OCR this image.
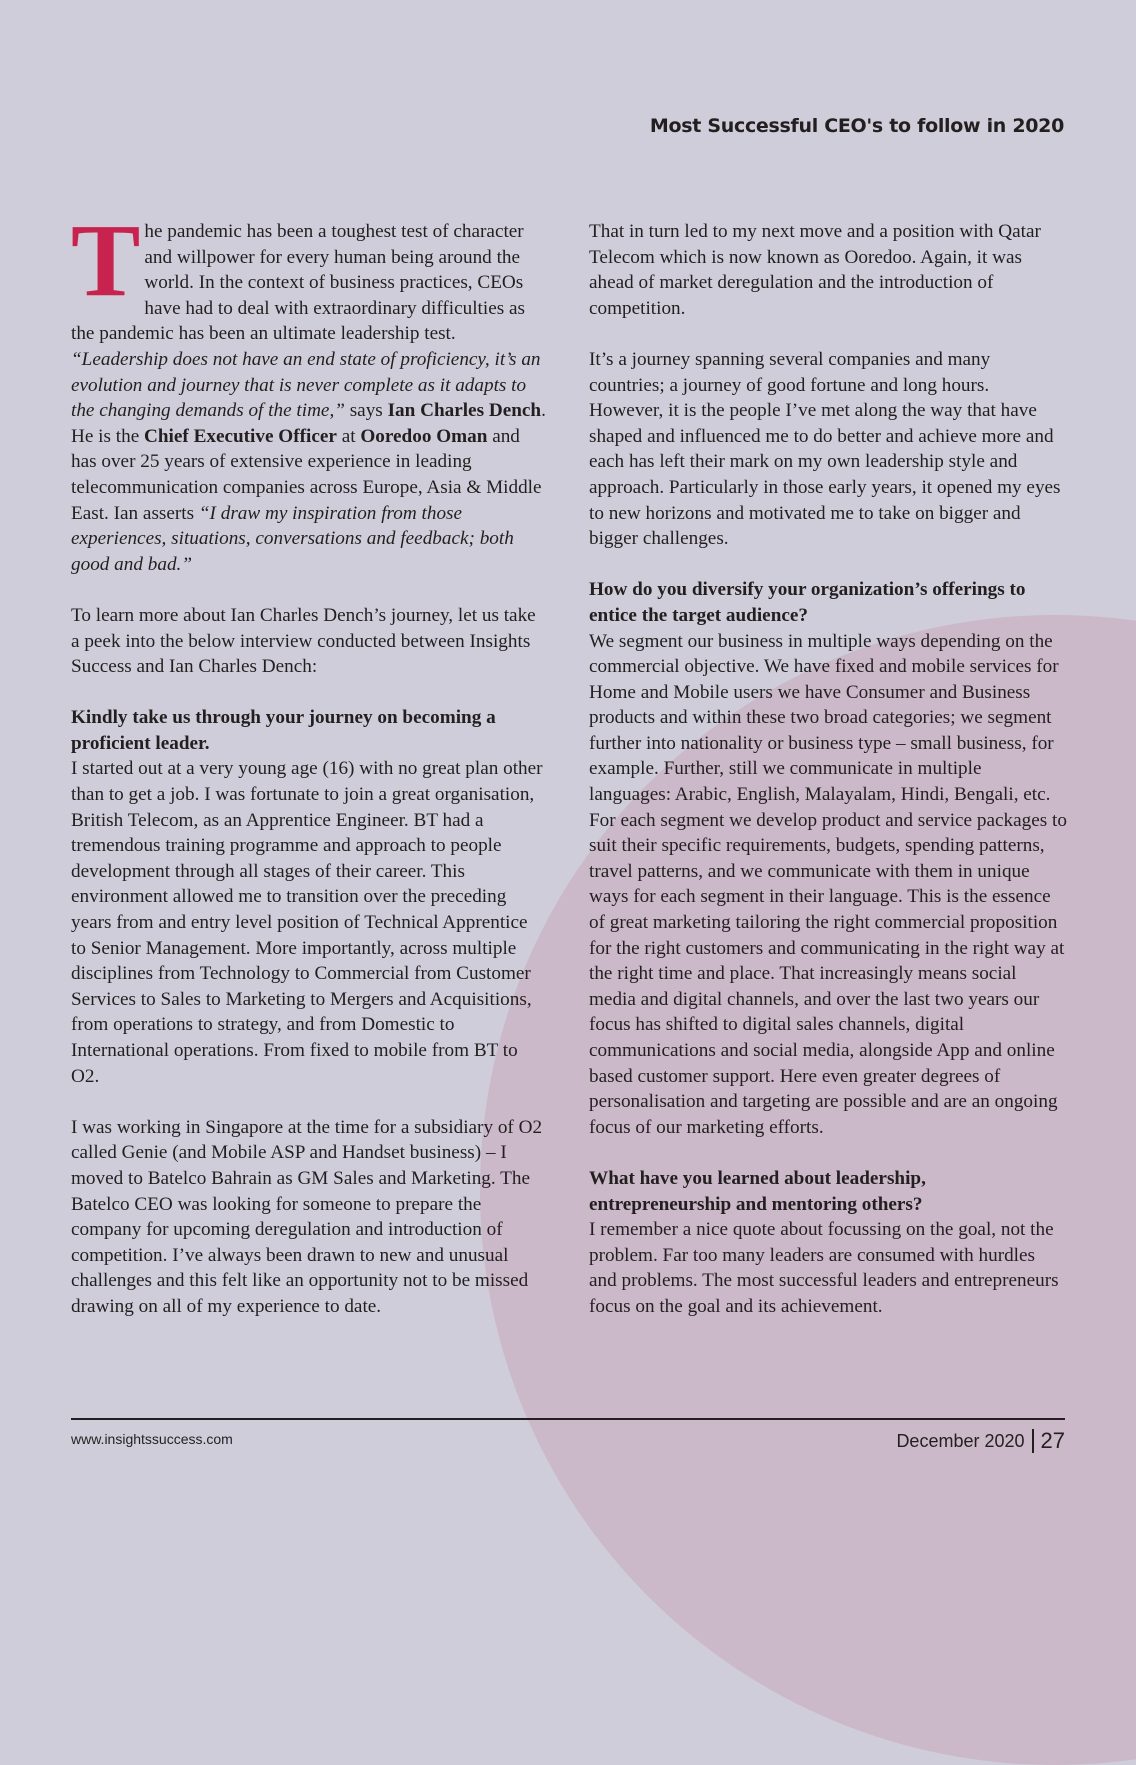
Most Successful CEO's to follow in 2020

The pandemic has been a toughest test of character and willpower for every human being around the world. In the context of business practices, CEOs have had to deal with extraordinary difficulties as the pandemic has been an ultimate leadership test. “Leadership does not have an end state of proficiency, it’s an evolution and journey that is never complete as it adapts to the changing demands of the time,” says Ian Charles Dench. He is the Chief Executive Officer at Ooredoo Oman and has over 25 years of extensive experience in leading telecommunication companies across Europe, Asia & Middle East. Ian asserts “I draw my inspiration from those experiences, situations, conversations and feedback; both good and bad.”

To learn more about Ian Charles Dench’s journey, let us take a peek into the below interview conducted between Insights Success and Ian Charles Dench:

Kindly take us through your journey on becoming a proficient leader.

I started out at a very young age (16) with no great plan other than to get a job. I was fortunate to join a great organisation, British Telecom, as an Apprentice Engineer. BT had a tremendous training programme and approach to people development through all stages of their career. This environment allowed me to transition over the preceding years from and entry level position of Technical Apprentice to Senior Management. More importantly, across multiple disciplines from Technology to Commercial from Customer Services to Sales to Marketing to Mergers and Acquisitions, from operations to strategy, and from Domestic to International operations. From fixed to mobile from BT to O2.

I was working in Singapore at the time for a subsidiary of O2 called Genie (and Mobile ASP and Handset business) – I moved to Batelco Bahrain as GM Sales and Marketing. The Batelco CEO was looking for someone to prepare the company for upcoming deregulation and introduction of competition. I’ve always been drawn to new and unusual challenges and this felt like an opportunity not to be missed drawing on all of my experience to date.

That in turn led to my next move and a position with Qatar Telecom which is now known as Ooredoo. Again, it was ahead of market deregulation and the introduction of competition.

It’s a journey spanning several companies and many countries; a journey of good fortune and long hours. However, it is the people I’ve met along the way that have shaped and influenced me to do better and achieve more and each has left their mark on my own leadership style and approach. Particularly in those early years, it opened my eyes to new horizons and motivated me to take on bigger and bigger challenges.

How do you diversify your organization’s offerings to entice the target audience?

We segment our business in multiple ways depending on the commercial objective. We have fixed and mobile services for Home and Mobile users we have Consumer and Business products and within these two broad categories; we segment further into nationality or business type – small business, for example. Further, still we communicate in multiple languages: Arabic, English, Malayalam, Hindi, Bengali, etc. For each segment we develop product and service packages to suit their specific requirements, budgets, spending patterns, travel patterns, and we communicate with them in unique ways for each segment in their language. This is the essence of great marketing tailoring the right commercial proposition for the right customers and communicating in the right way at the right time and place. That increasingly means social media and digital channels, and over the last two years our focus has shifted to digital sales channels, digital communications and social media, alongside App and online based customer support. Here even greater degrees of personalisation and targeting are possible and are an ongoing focus of our marketing efforts.

What have you learned about leadership, entrepreneurship and mentoring others?

I remember a nice quote about focussing on the goal, not the problem. Far too many leaders are consumed with hurdles and problems. The most successful leaders and entrepreneurs focus on the goal and its achievement.

www.insightssuccess.com	December 2020 27
